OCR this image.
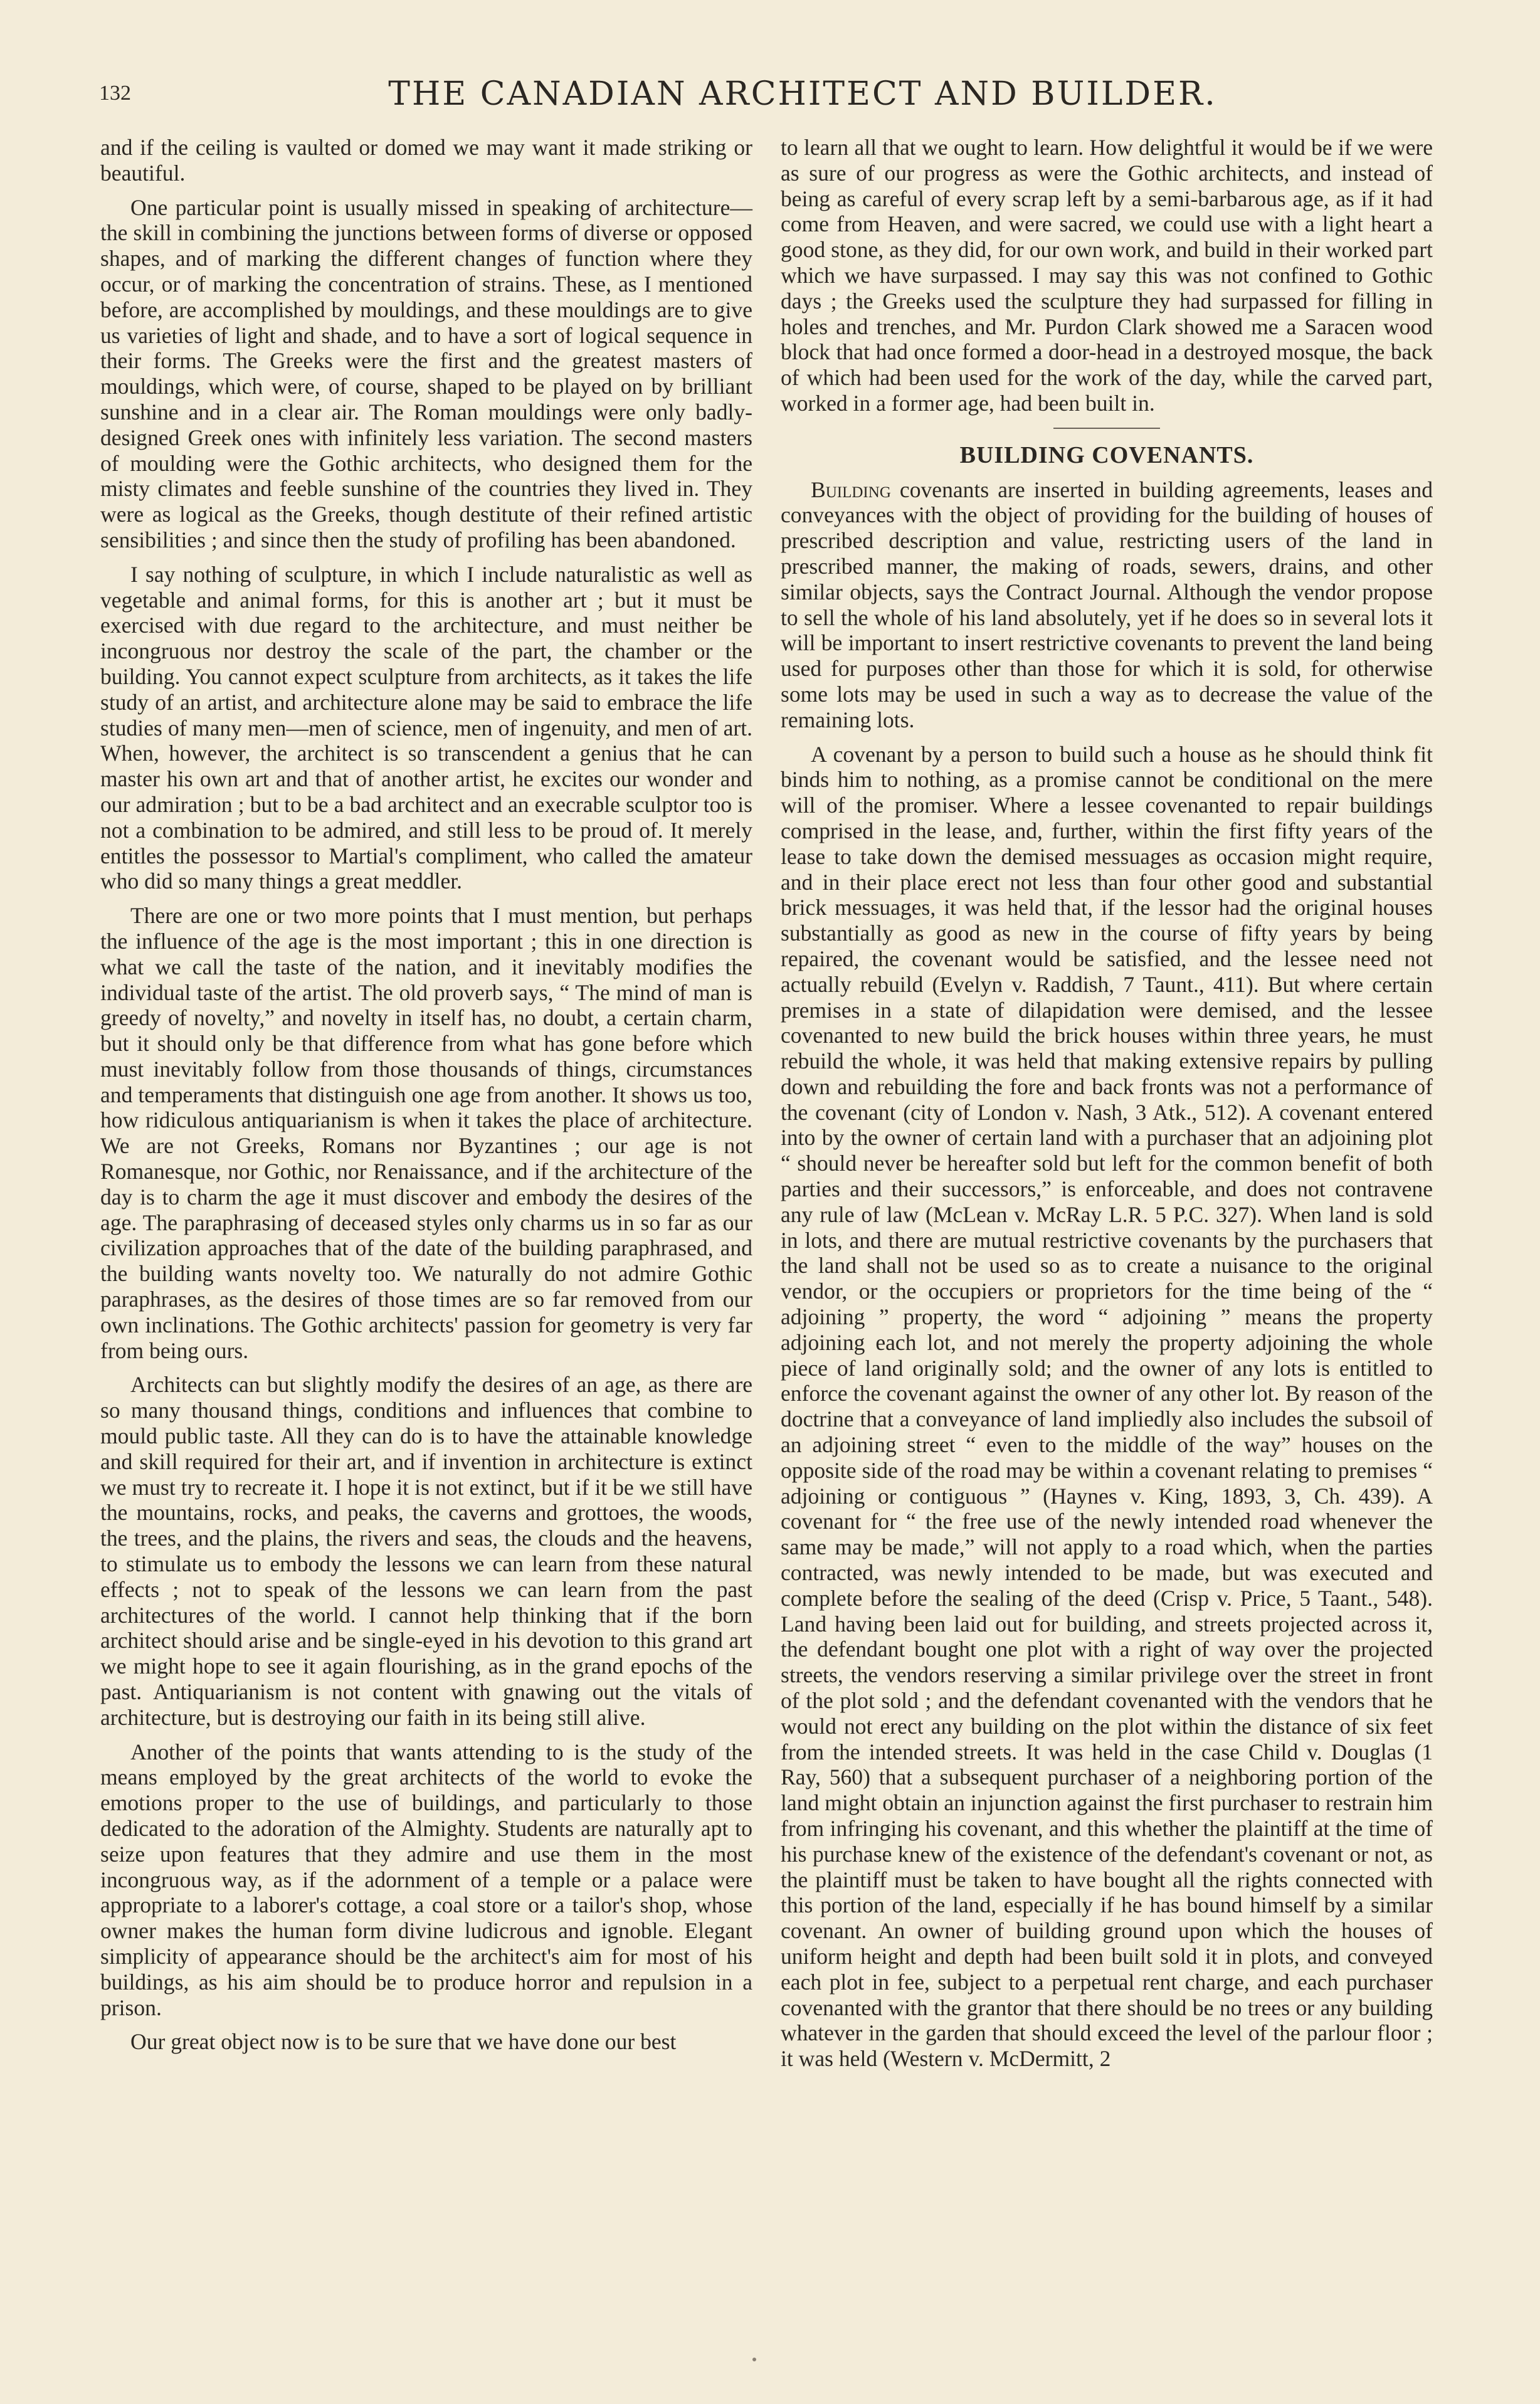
132	THE CANADIAN ARCHITECT AND BUILDER.

and if the ceiling is vaulted or domed we may want it made striking or beautiful.

One particular point is usually missed in speaking of architecture—the skill in combining the junctions between forms of diverse or opposed shapes, and of marking the different changes of function where they occur, or of marking the concentration of strains. These, as I mentioned before, are accomplished by mouldings, and these mouldings are to give us varieties of light and shade, and to have a sort of logical sequence in their forms. The Greeks were the first and the greatest masters of mouldings, which were, of course, shaped to be played on by brilliant sunshine and in a clear air. The Roman mouldings were only badly-designed Greek ones with infinitely less variation. The second masters of moulding were the Gothic architects, who designed them for the misty climates and feeble sunshine of the countries they lived in. They were as logical as the Greeks, though destitute of their refined artistic sensibilities ; and since then the study of profiling has been abandoned.

I say nothing of sculpture, in which I include naturalistic as well as vegetable and animal forms, for this is another art ; but it must be exercised with due regard to the architecture, and must neither be incongruous nor destroy the scale of the part, the chamber or the building. You cannot expect sculpture from architects, as it takes the life study of an artist, and architecture alone may be said to embrace the life studies of many men—men of science, men of ingenuity, and men of art. When, however, the architect is so transcendent a genius that he can master his own art and that of another artist, he excites our wonder and our admiration ; but to be a bad architect and an execrable sculptor too is not a combination to be admired, and still less to be proud of. It merely entitles the possessor to Martial's compliment, who called the amateur who did so many things a great meddler.

There are one or two more points that I must mention, but perhaps the influence of the age is the most important ; this in one direction is what we call the taste of the nation, and it inevitably modifies the individual taste of the artist. The old proverb says, “ The mind of man is greedy of novelty,” and novelty in itself has, no doubt, a certain charm, but it should only be that difference from what has gone before which must inevitably follow from those thousands of things, circumstances and temperaments that distinguish one age from another. It shows us too, how ridiculous antiquarianism is when it takes the place of architecture. We are not Greeks, Romans nor Byzantines ; our age is not Romanesque, nor Gothic, nor Renaissance, and if the architecture of the day is to charm the age it must discover and embody the desires of the age. The paraphrasing of deceased styles only charms us in so far as our civilization approaches that of the date of the building paraphrased, and the building wants novelty too. We naturally do not admire Gothic paraphrases, as the desires of those times are so far removed from our own inclinations. The Gothic architects' passion for geometry is very far from being ours.

Architects can but slightly modify the desires of an age, as there are so many thousand things, conditions and influences that combine to mould public taste. All they can do is to have the attainable knowledge and skill required for their art, and if invention in architecture is extinct we must try to recreate it. I hope it is not extinct, but if it be we still have the mountains, rocks, and peaks, the caverns and grottoes, the woods, the trees, and the plains, the rivers and seas, the clouds and the heavens, to stimulate us to embody the lessons we can learn from these natural effects ; not to speak of the lessons we can learn from the past architectures of the world. I cannot help thinking that if the born architect should arise and be single-eyed in his devotion to this grand art we might hope to see it again flourishing, as in the grand epochs of the past. Antiquarianism is not content with gnawing out the vitals of architecture, but is destroying our faith in its being still alive.

Another of the points that wants attending to is the study of the means employed by the great architects of the world to evoke the emotions proper to the use of buildings, and particularly to those dedicated to the adoration of the Almighty. Students are naturally apt to seize upon features that they admire and use them in the most incongruous way, as if the adornment of a temple or a palace were appropriate to a laborer's cottage, a coal store or a tailor's shop, whose owner makes the human form divine ludicrous and ignoble. Elegant simplicity of appearance should be the architect's aim for most of his buildings, as his aim should be to produce horror and repulsion in a prison.

Our great object now is to be sure that we have done our best

to learn all that we ought to learn. How delightful it would be if we were as sure of our progress as were the Gothic architects, and instead of being as careful of every scrap left by a semi-barbarous age, as if it had come from Heaven, and were sacred, we could use with a light heart a good stone, as they did, for our own work, and build in their worked part which we have surpassed. I may say this was not confined to Gothic days ; the Greeks used the sculpture they had surpassed for filling in holes and trenches, and Mr. Purdon Clark showed me a Saracen wood block that had once formed a door-head in a destroyed mosque, the back of which had been used for the work of the day, while the carved part, worked in a former age, had been built in.

BUILDING COVENANTS.

Building covenants are inserted in building agreements, leases and conveyances with the object of providing for the building of houses of prescribed description and value, restricting users of the land in prescribed manner, the making of roads, sewers, drains, and other similar objects, says the Contract Journal. Although the vendor propose to sell the whole of his land absolutely, yet if he does so in several lots it will be important to insert restrictive covenants to prevent the land being used for purposes other than those for which it is sold, for otherwise some lots may be used in such a way as to decrease the value of the remaining lots.

A covenant by a person to build such a house as he should think fit binds him to nothing, as a promise cannot be conditional on the mere will of the promiser. Where a lessee covenanted to repair buildings comprised in the lease, and, further, within the first fifty years of the lease to take down the demised messuages as occasion might require, and in their place erect not less than four other good and substantial brick messuages, it was held that, if the lessor had the original houses substantially as good as new in the course of fifty years by being repaired, the covenant would be satisfied, and the lessee need not actually rebuild (Evelyn v. Raddish, 7 Taunt., 411). But where certain premises in a state of dilapidation were demised, and the lessee covenanted to new build the brick houses within three years, he must rebuild the whole, it was held that making extensive repairs by pulling down and rebuilding the fore and back fronts was not a performance of the covenant (city of London v. Nash, 3 Atk., 512). A covenant entered into by the owner of certain land with a purchaser that an adjoining plot “ should never be hereafter sold but left for the common benefit of both parties and their successors,” is enforceable, and does not contravene any rule of law (McLean v. McRay L.R. 5 P.C. 327). When land is sold in lots, and there are mutual restrictive covenants by the purchasers that the land shall not be used so as to create a nuisance to the original vendor, or the occupiers or proprietors for the time being of the “ adjoining ” property, the word “ adjoining ” means the property adjoining each lot, and not merely the property adjoining the whole piece of land originally sold; and the owner of any lots is entitled to enforce the covenant against the owner of any other lot. By reason of the doctrine that a conveyance of land impliedly also includes the subsoil of an adjoining street “ even to the middle of the way” houses on the opposite side of the road may be within a covenant relating to premises “ adjoining or contiguous ” (Haynes v. King, 1893, 3, Ch. 439). A covenant for “ the free use of the newly intended road whenever the same may be made,” will not apply to a road which, when the parties contracted, was newly intended to be made, but was executed and complete before the sealing of the deed (Crisp v. Price, 5 Taant., 548). Land having been laid out for building, and streets projected across it, the defendant bought one plot with a right of way over the projected streets, the vendors reserving a similar privilege over the street in front of the plot sold ; and the defendant covenanted with the vendors that he would not erect any building on the plot within the distance of six feet from the intended streets. It was held in the case Child v. Douglas (1 Ray, 560) that a subsequent purchaser of a neighboring portion of the land might obtain an injunction against the first purchaser to restrain him from infringing his covenant, and this whether the plaintiff at the time of his purchase knew of the existence of the defendant's covenant or not, as the plaintiff must be taken to have bought all the rights connected with this portion of the land, especially if he has bound himself by a similar covenant. An owner of building ground upon which the houses of uniform height and depth had been built sold it in plots, and conveyed each plot in fee, subject to a perpetual rent charge, and each purchaser covenanted with the grantor that there should be no trees or any building whatever in the garden that should exceed the level of the parlour floor ; it was held (Western v. McDermitt, 2
